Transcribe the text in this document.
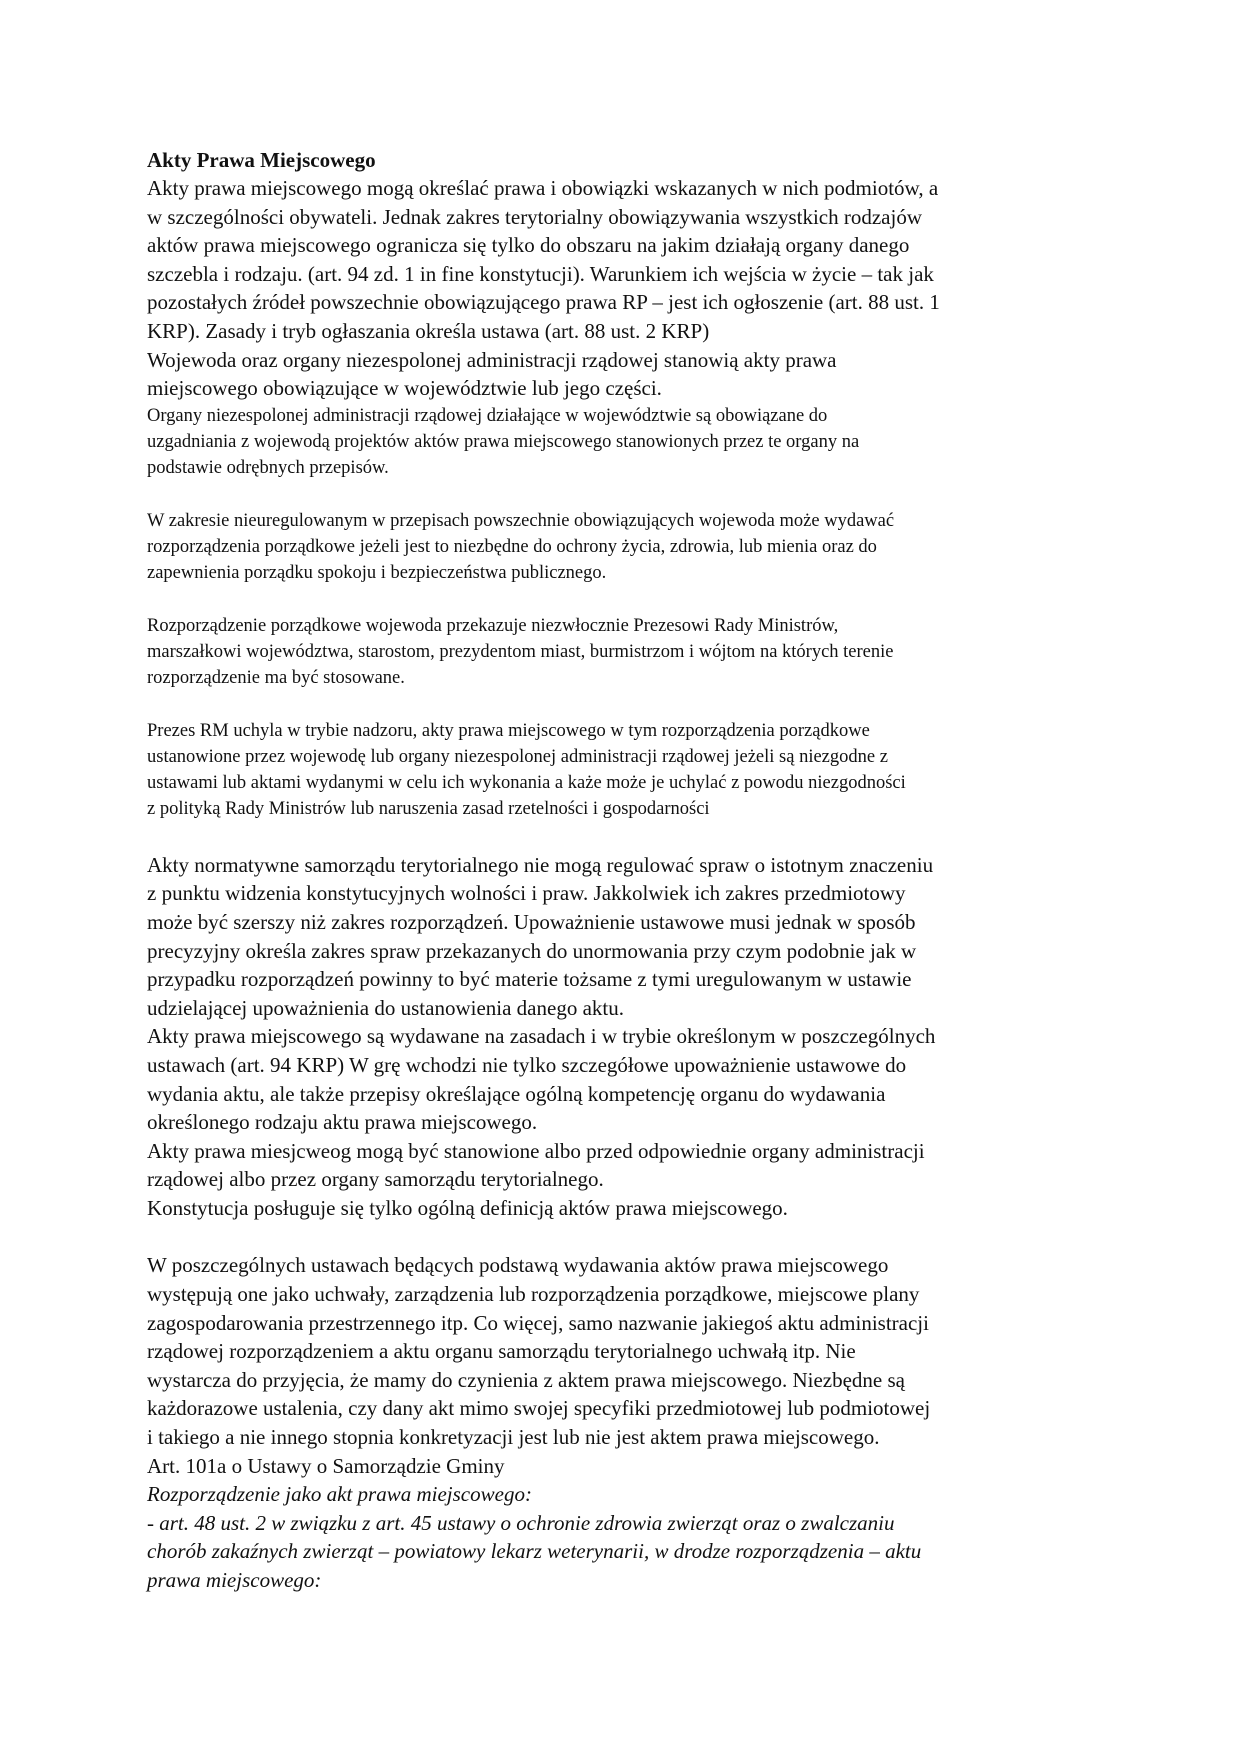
Akty Prawa Miejscowego

Akty prawa miejscowego mogą określać prawa i obowiązki wskazanych w nich podmiotów, a
w szczególności obywateli. Jednak zakres terytorialny obowiązywania wszystkich rodzajów
aktów prawa miejscowego ogranicza się tylko do obszaru na jakim działają organy danego
szczebla i rodzaju. (art. 94 zd. 1 in fine konstytucji). Warunkiem ich wejścia w życie – tak jak
pozostałych źródeł powszechnie obowiązującego prawa RP – jest ich ogłoszenie (art. 88 ust. 1
KRP). Zasady i tryb ogłaszania określa ustawa (art. 88 ust. 2 KRP)

Wojewoda oraz organy niezespolonej administracji rządowej stanowią akty prawa
miejscowego obowiązujące w województwie lub jego części.

Organy niezespolonej administracji rządowej działające w województwie są obowiązane do
uzgadniania z wojewodą projektów aktów prawa miejscowego stanowionych przez te organy na
podstawie odrębnych przepisów.

W zakresie nieuregulowanym w przepisach powszechnie obowiązujących wojewoda może wydawać
rozporządzenia porządkowe jeżeli jest to niezbędne do ochrony życia, zdrowia, lub mienia oraz do
zapewnienia porządku spokoju i bezpieczeństwa publicznego.

Rozporządzenie porządkowe wojewoda przekazuje niezwłocznie Prezesowi Rady Ministrów,
marszałkowi województwa, starostom, prezydentom miast, burmistrzom i wójtom na których terenie
rozporządzenie ma być stosowane.

Prezes RM uchyla w trybie nadzoru, akty prawa miejscowego w tym rozporządzenia porządkowe
ustanowione przez wojewodę lub organy niezespolonej administracji rządowej jeżeli są niezgodne z
ustawami lub aktami wydanymi w celu ich wykonania a każe może je uchylać z powodu niezgodności
z polityką Rady Ministrów lub naruszenia zasad rzetelności i gospodarności

Akty normatywne samorządu terytorialnego nie mogą regulować spraw o istotnym znaczeniu
z punktu widzenia konstytucyjnych wolności i praw. Jakkolwiek ich zakres przedmiotowy
może być szerszy niż zakres rozporządzeń. Upoważnienie ustawowe musi jednak w sposób
precyzyjny określa zakres spraw przekazanych do unormowania przy czym podobnie jak w
przypadku rozporządzeń powinny to być materie tożsame z tymi uregulowanym w ustawie
udzielającej upoważnienia do ustanowienia danego aktu.
Akty prawa miejscowego są wydawane na zasadach i w trybie określonym w poszczególnych
ustawach (art. 94 KRP) W grę wchodzi nie tylko szczegółowe upoważnienie ustawowe do
wydania aktu, ale także przepisy określające ogólną kompetencję organu do wydawania
określonego rodzaju aktu prawa miejscowego.
Akty prawa miesjcweog mogą być stanowione albo przed odpowiednie organy administracji
rządowej albo przez organy samorządu terytorialnego.
Konstytucja posługuje się tylko ogólną definicją aktów prawa miejscowego.

W poszczególnych ustawach będących podstawą wydawania aktów prawa miejscowego
występują one jako uchwały, zarządzenia lub rozporządzenia porządkowe, miejscowe plany
zagospodarowania przestrzennego itp. Co więcej, samo nazwanie jakiegoś aktu administracji
rządowej rozporządzeniem a aktu organu samorządu terytorialnego uchwałą itp. Nie
wystarcza do przyjęcia, że mamy do czynienia z aktem prawa miejscowego. Niezbędne są
każdorazowe ustalenia, czy dany akt mimo swojej specyfiki przedmiotowej lub podmiotowej
i takiego a nie innego stopnia konkretyzacji jest lub nie jest aktem prawa miejscowego.
Art. 101a o Ustawy o Samorządzie Gminy

Rozporządzenie jako akt prawa miejscowego:
- art. 48 ust. 2 w związku z art. 45 ustawy o ochronie zdrowia zwierząt oraz o zwalczaniu
chorób zakaźnych zwierząt – powiatowy lekarz weterynarii, w drodze rozporządzenia – aktu
prawa miejscowego:
